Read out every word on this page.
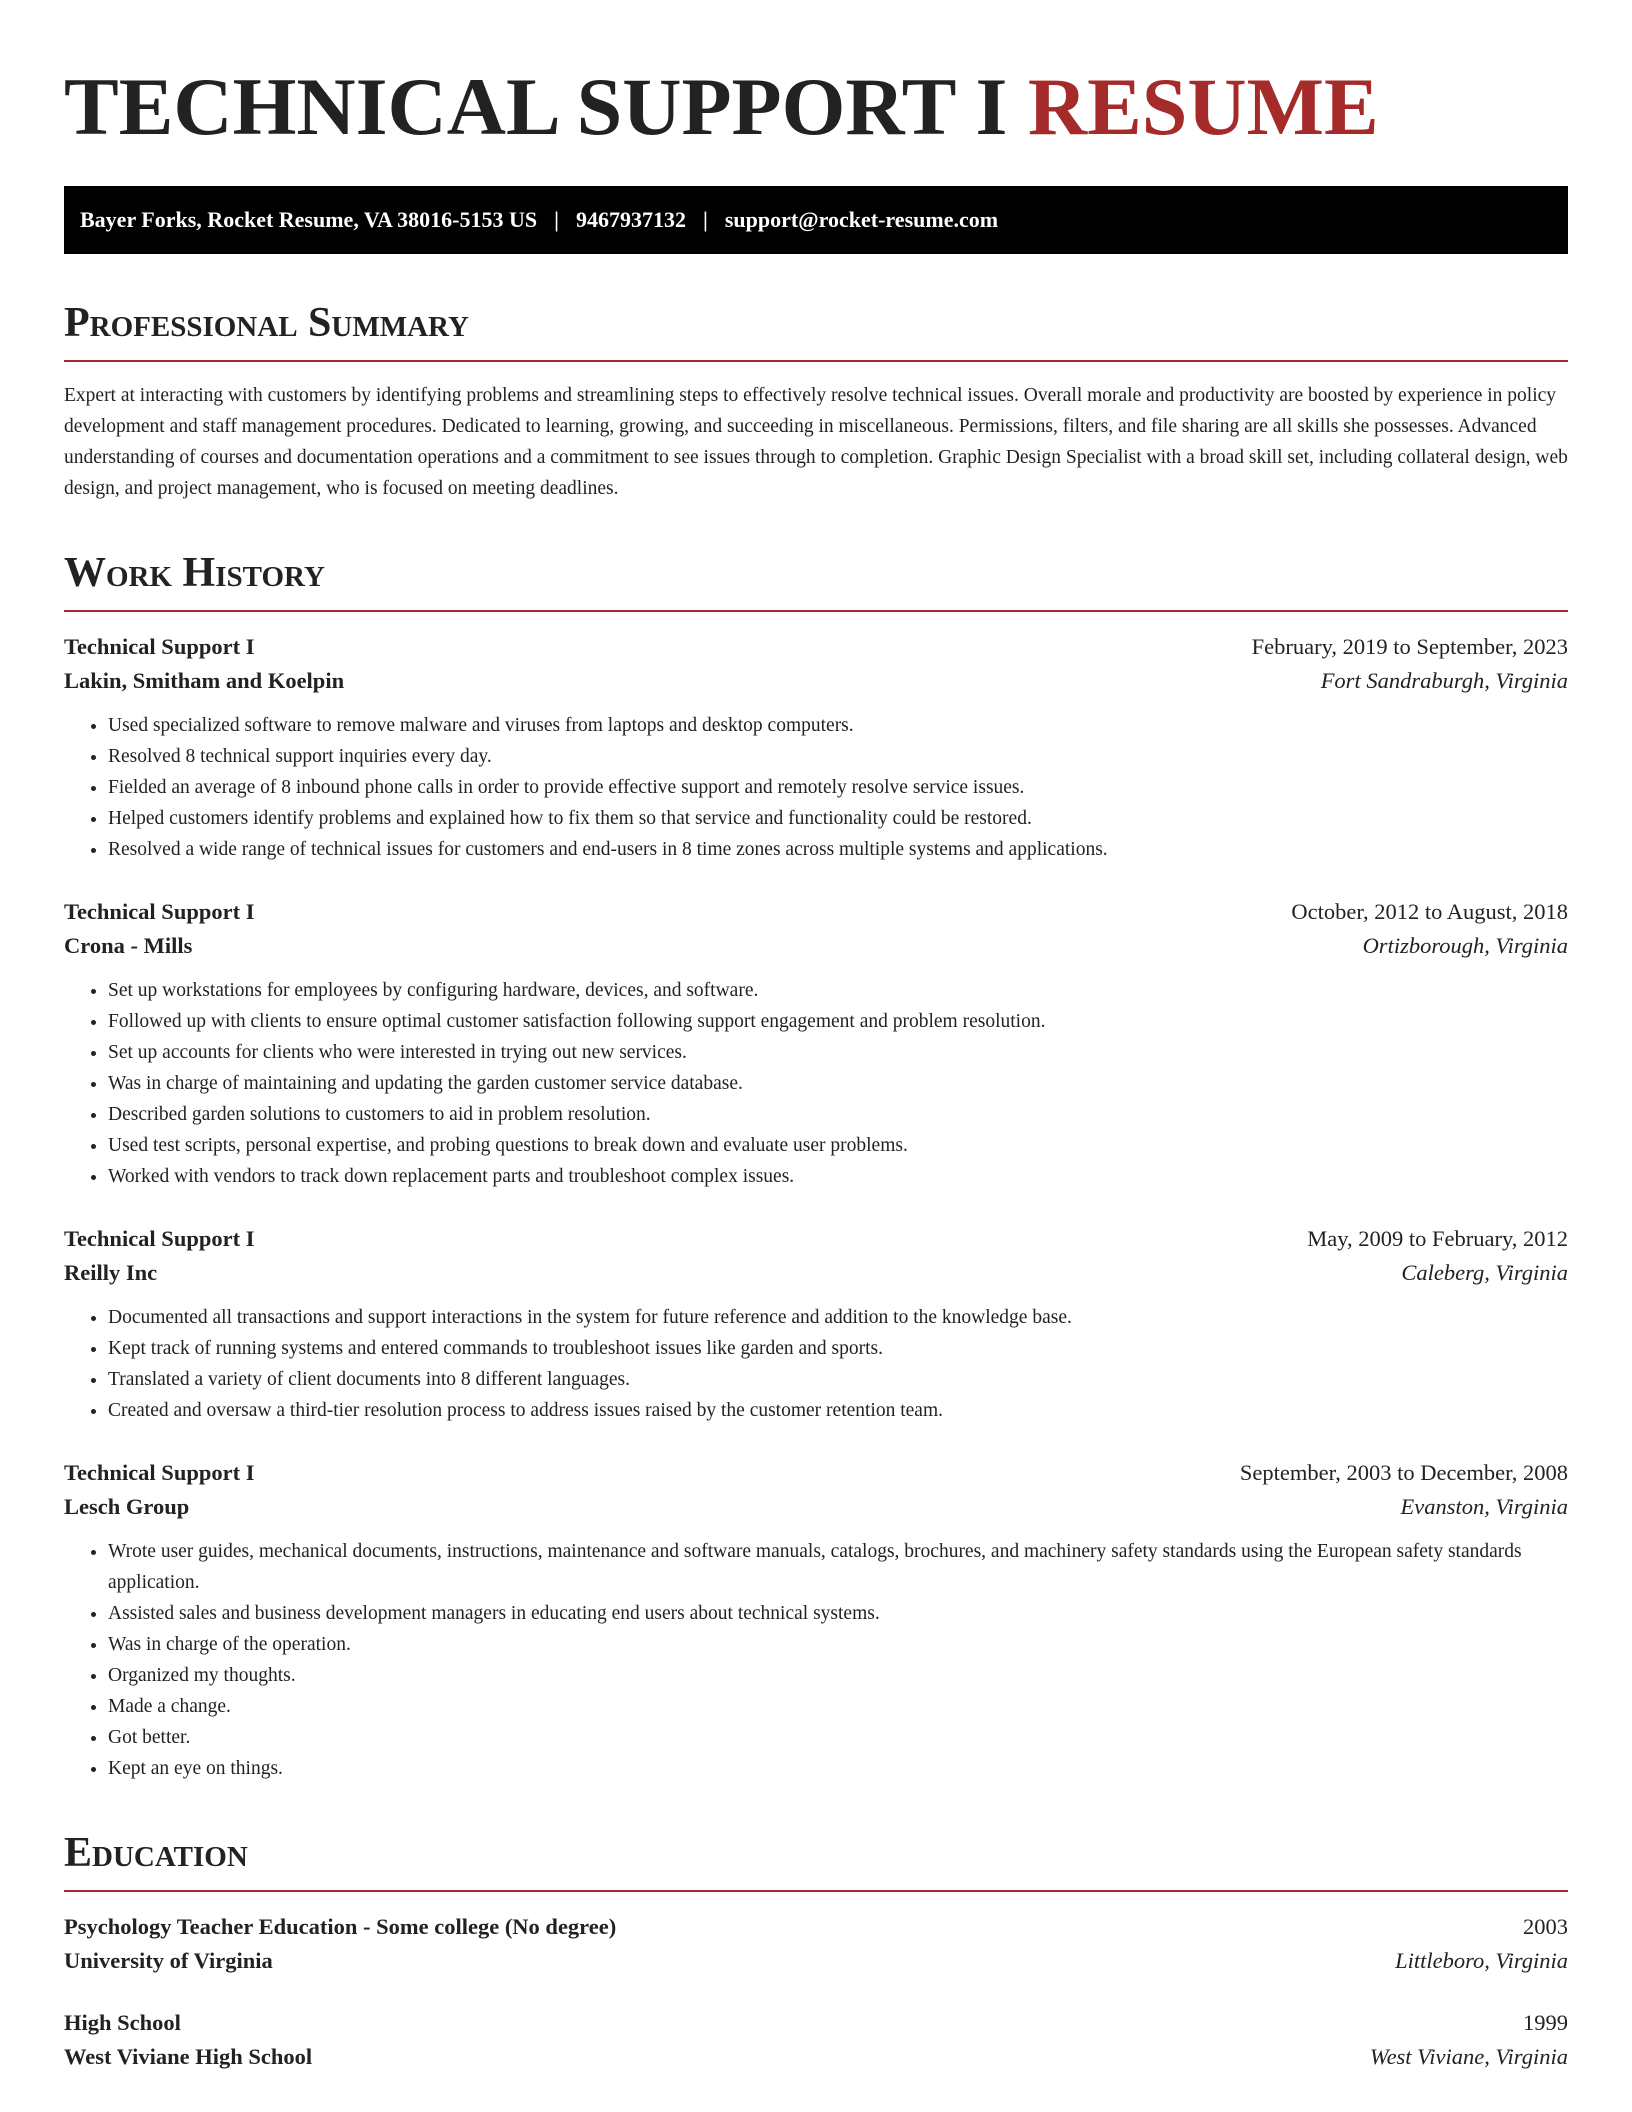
TECHNICAL SUPPORT I RESUME
Bayer Forks, Rocket Resume, VA 38016-5153 US | 9467937132 | support@rocket-resume.com
Professional Summary

Expert at interacting with customers by identifying problems and streamlining steps to effectively resolve technical issues. Overall morale and productivity are boosted by experience in policy development and staff management procedures. Dedicated to learning, growing, and succeeding in miscellaneous. Permissions, filters, and file sharing are all skills she possesses. Advanced understanding of courses and documentation operations and a commitment to see issues through to completion. Graphic Design Specialist with a broad skill set, including collateral design, web design, and project management, who is focused on meeting deadlines.

Work History
Technical Support I	February, 2019 to September, 2023
Lakin, Smitham and Koelpin	Fort Sandraburgh, Virginia
• Used specialized software to remove malware and viruses from laptops and desktop computers.
• Resolved 8 technical support inquiries every day.
• Fielded an average of 8 inbound phone calls in order to provide effective support and remotely resolve service issues.
• Helped customers identify problems and explained how to fix them so that service and functionality could be restored.
• Resolved a wide range of technical issues for customers and end-users in 8 time zones across multiple systems and applications.
Technical Support I	October, 2012 to August, 2018
Crona - Mills	Ortizborough, Virginia
• Set up workstations for employees by configuring hardware, devices, and software.
• Followed up with clients to ensure optimal customer satisfaction following support engagement and problem resolution.
• Set up accounts for clients who were interested in trying out new services.
• Was in charge of maintaining and updating the garden customer service database.
• Described garden solutions to customers to aid in problem resolution.
• Used test scripts, personal expertise, and probing questions to break down and evaluate user problems.
• Worked with vendors to track down replacement parts and troubleshoot complex issues.
Technical Support I	May, 2009 to February, 2012
Reilly Inc	Caleberg, Virginia
• Documented all transactions and support interactions in the system for future reference and addition to the knowledge base.
• Kept track of running systems and entered commands to troubleshoot issues like garden and sports.
• Translated a variety of client documents into 8 different languages.
• Created and oversaw a third-tier resolution process to address issues raised by the customer retention team.
Technical Support I	September, 2003 to December, 2008
Lesch Group	Evanston, Virginia
• Wrote user guides, mechanical documents, instructions, maintenance and software manuals, catalogs, brochures, and machinery safety standards using the European safety standards application.
• Assisted sales and business development managers in educating end users about technical systems.
• Was in charge of the operation.
• Organized my thoughts.
• Made a change.
• Got better.
• Kept an eye on things.
Education
Psychology Teacher Education - Some college (No degree)	2003
University of Virginia	Littleboro, Virginia
High School	1999
West Viviane High School	West Viviane, Virginia
